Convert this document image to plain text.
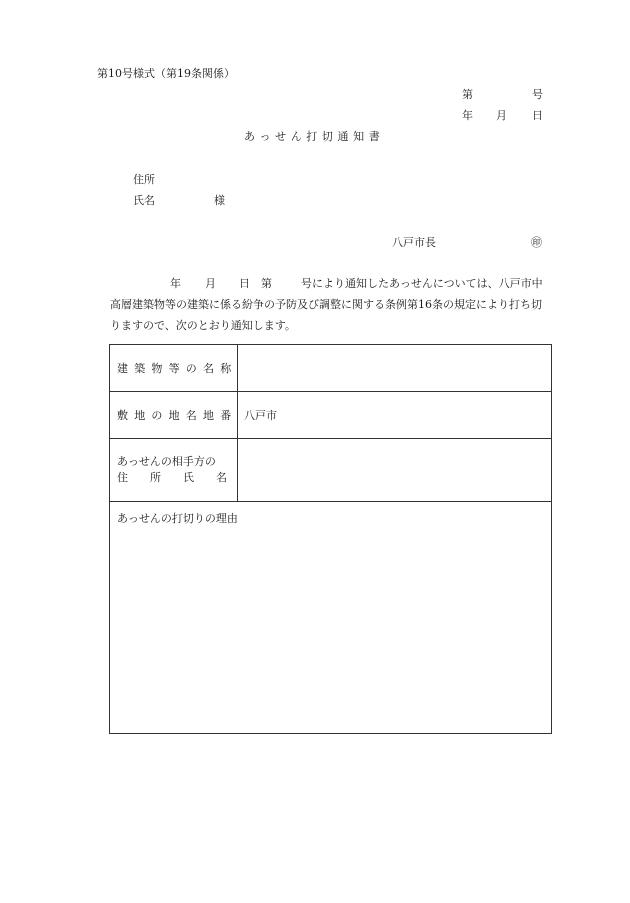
第10号様式（第19条関係）
第	号
年 月 日
あっせん打切通知書
住所
氏名	様
八戸市長	㊞
年 月 日 第	号により通知したあっせんについては、八戸市中
高層建築物等の建築に係る紛争の予防及び調整に関する条例第16条の規定により打ち切
りますので、次のとおり通知します。
建築物等の名称
敷地の地名地番 八戸市
あっせんの相手方の
住 所 氏 名
あっせんの打切りの理由
